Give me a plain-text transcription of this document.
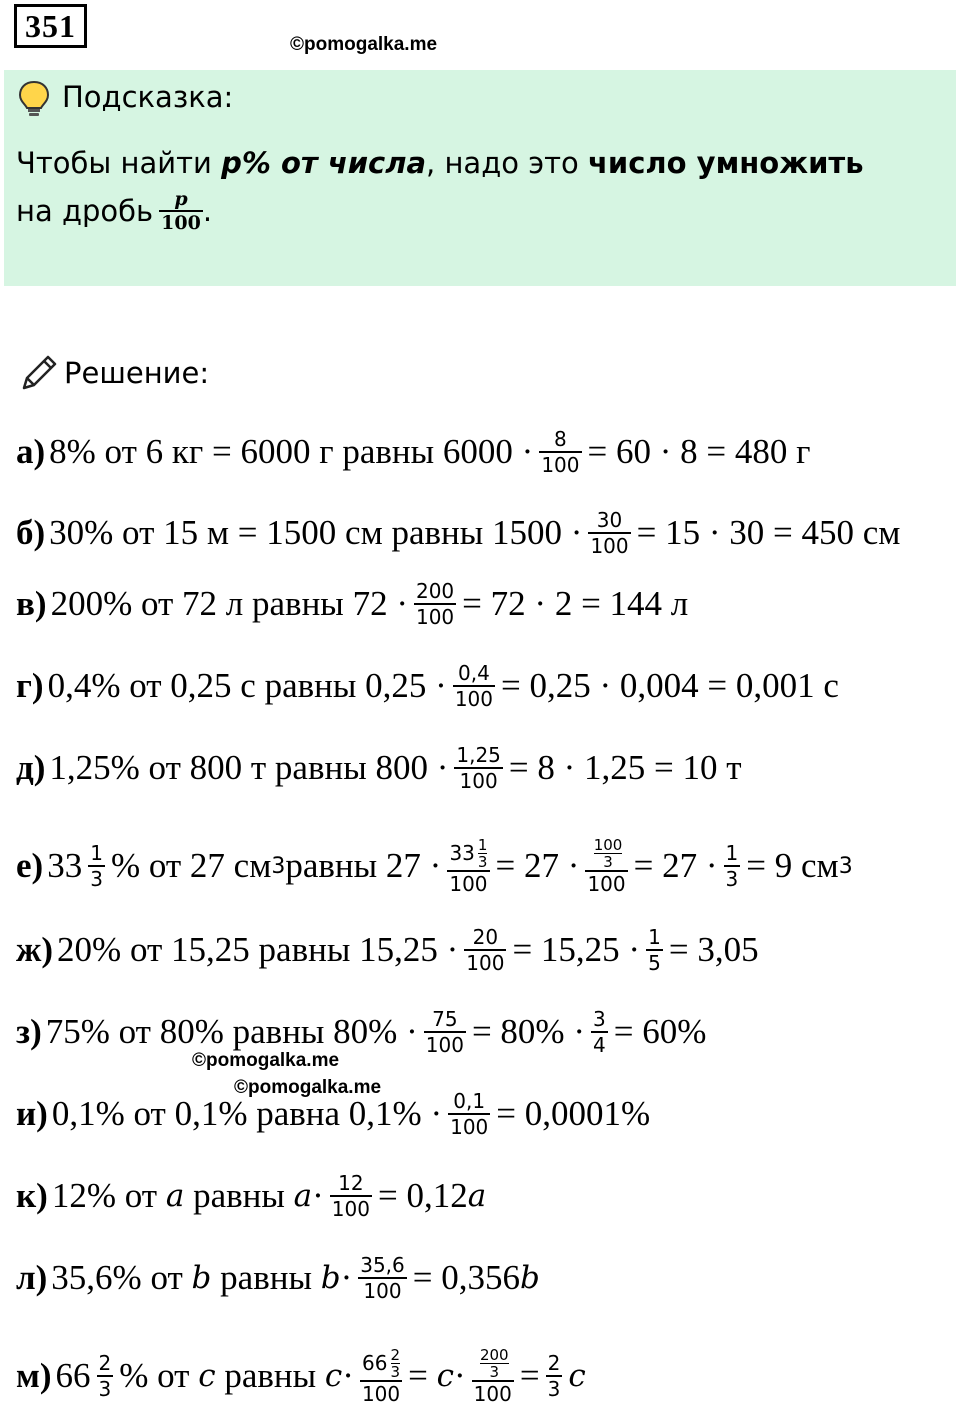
351
©pomogalka.me
Подсказка:
Чтобы найти p% от числа, надо это число умножить
на дробь $\frac{p}{100}$ .
Решение:
а) 8% от 6 кг = 6000 г равны $6000 \cdot \frac{8}{100} = 60 \cdot 8 = 480$ г
б) 30% от 15 м = 1500 см равны $1500 \cdot \frac{30}{100} = 15 \cdot 30 = 450$ см
в) 200% от 72 л равны $72 \cdot \frac{200}{100} = 72 \cdot 2 = 144$ л
г) 0,4% от 0,25 с равны $0,25 \cdot \frac{0,4}{100} = 0,25 \cdot 0,004 = 0,001$ с
д) 1,25% от 800 т равны $800 \cdot \frac{1,25}{100} = 8 \cdot 1,25 = 10$ т
е) $33 \frac{1}{3}$ % от 27 см 3 равны 27 · 33 1
3
100 = 27 · 100
3
$100 = 27 \cdot \frac{1}{3} = 9$ см 3
ж) 20% от 15,25 равны $15,25 \cdot \frac{20}{100} = 15,25 \cdot \frac{1}{5} = 3,05$
з) 75% от 80% равны $80\% \cdot \frac{75}{100} = 80\% \cdot \frac{3}{4} = 60\%$
©pomogalka.me
©pomogalka.me
и) 0,1% от 0,1% равна $0,1\% \cdot \frac{0,1}{100} = 0,0001\%$
к) 12% от a равны $a \cdot \frac{12}{100} = 0,12$ a
л) 35,6% от b равны $b \cdot \frac{35,6}{100} = 0,356$ b
м) $66 \frac{2}{3}$ % от c равны c · 66 2
3
100 = c · 200
3
$100 = \frac{2}{3}$ c
